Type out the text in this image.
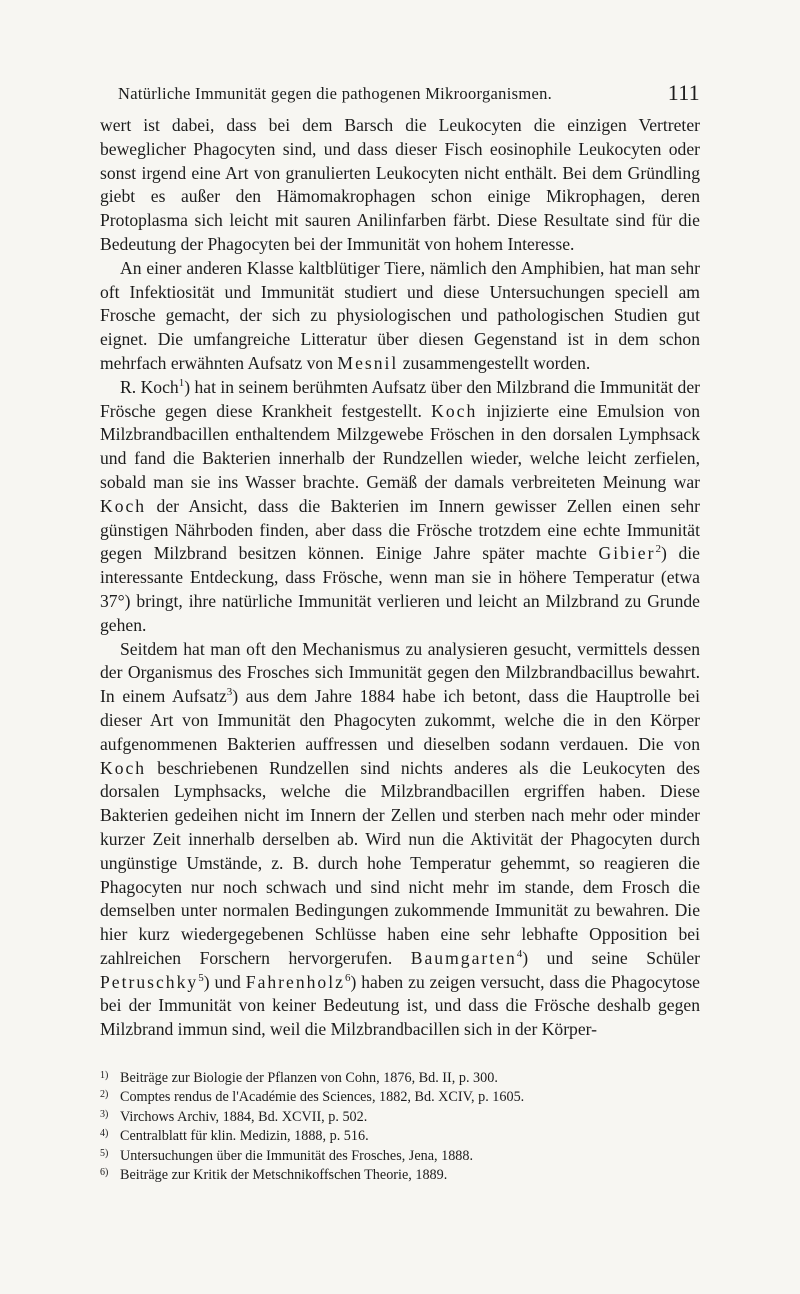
Natürliche Immunität gegen die pathogenen Mikroorganismen.	111

wert ist dabei, dass bei dem Barsch die Leukocyten die einzigen Vertreter beweglicher Phagocyten sind, und dass dieser Fisch eosinophile Leukocyten oder sonst irgend eine Art von granulierten Leukocyten nicht enthält. Bei dem Gründling giebt es außer den Hämomakrophagen schon einige Mikrophagen, deren Protoplasma sich leicht mit sauren Anilinfarben färbt. Diese Resultate sind für die Bedeutung der Phagocyten bei der Immunität von hohem Interesse.

An einer anderen Klasse kaltblütiger Tiere, nämlich den Amphibien, hat man sehr oft Infektiosität und Immunität studiert und diese Untersuchungen speciell am Frosche gemacht, der sich zu physiologischen und pathologischen Studien gut eignet. Die umfangreiche Litteratur über diesen Gegenstand ist in dem schon mehrfach erwähnten Aufsatz von Mesnil zusammengestellt worden.

R. Koch$^1$) hat in seinem berühmten Aufsatz über den Milzbrand die Immunität der Frösche gegen diese Krankheit festgestellt. Koch injizierte eine Emulsion von Milzbrandbacillen enthaltendem Milzgewebe Fröschen in den dorsalen Lymphsack und fand die Bakterien innerhalb der Rundzellen wieder, welche leicht zerfielen, sobald man sie ins Wasser brachte. Gemäß der damals verbreiteten Meinung war Koch der Ansicht, dass die Bakterien im Innern gewisser Zellen einen sehr günstigen Nährboden finden, aber dass die Frösche trotzdem eine echte Immunität gegen Milzbrand besitzen können. Einige Jahre später machte Gibier$^2$) die interessante Entdeckung, dass Frösche, wenn man sie in höhere Temperatur (etwa 37°) bringt, ihre natürliche Immunität verlieren und leicht an Milzbrand zu Grunde gehen.

Seitdem hat man oft den Mechanismus zu analysieren gesucht, vermittels dessen der Organismus des Frosches sich Immunität gegen den Milzbrandbacillus bewahrt. In einem Aufsatz$^3$) aus dem Jahre 1884 habe ich betont, dass die Hauptrolle bei dieser Art von Immunität den Phagocyten zukommt, welche die in den Körper aufgenommenen Bakterien auffressen und dieselben sodann verdauen. Die von Koch beschriebenen Rundzellen sind nichts anderes als die Leukocyten des dorsalen Lymphsacks, welche die Milzbrandbacillen ergriffen haben. Diese Bakterien gedeihen nicht im Innern der Zellen und sterben nach mehr oder minder kurzer Zeit innerhalb derselben ab. Wird nun die Aktivität der Phagocyten durch ungünstige Umstände, z. B. durch hohe Temperatur gehemmt, so reagieren die Phagocyten nur noch schwach und sind nicht mehr im stande, dem Frosch die demselben unter normalen Bedingungen zukommende Immunität zu bewahren. Die hier kurz wiedergegebenen Schlüsse haben eine sehr lebhafte Opposition bei zahlreichen Forschern hervorgerufen. Baumgarten$^4$) und seine Schüler Petruschky$^5$) und Fahrenholz$^6$) haben zu zeigen versucht, dass die Phagocytose bei der Immunität von keiner Bedeutung ist, und dass die Frösche deshalb gegen Milzbrand immun sind, weil die Milzbrandbacillen sich in der Körper-

1) Beiträge zur Biologie der Pflanzen von Cohn, 1876, Bd. II, p. 300.
2) Comptes rendus de l'Académie des Sciences, 1882, Bd. XCIV, p. 1605.
3) Virchows Archiv, 1884, Bd. XCVII, p. 502.
4) Centralblatt für klin. Medizin, 1888, p. 516.
5) Untersuchungen über die Immunität des Frosches, Jena, 1888.
6) Beiträge zur Kritik der Metschnikoffschen Theorie, 1889.
